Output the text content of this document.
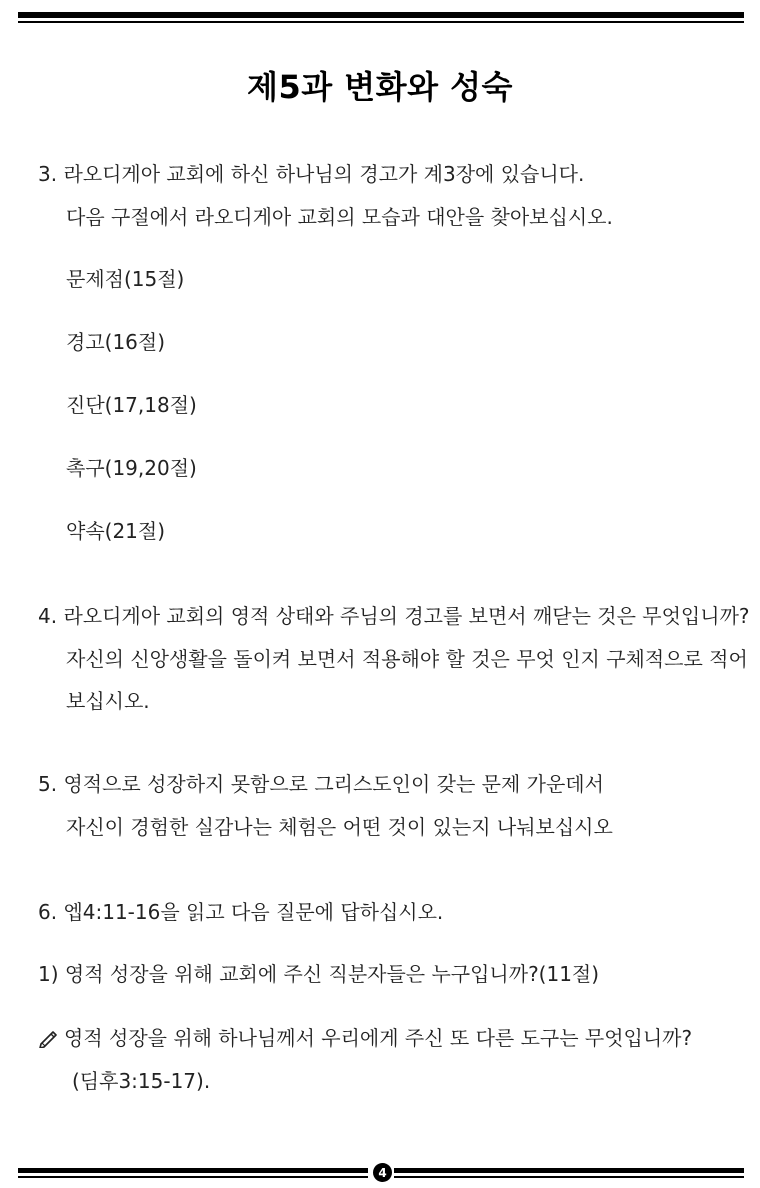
제5과 변화와 성숙
3. 라오디게아 교회에 하신 하나님의 경고가 계3장에 있습니다.
다음 구절에서 라오디게아 교회의 모습과 대안을 찾아보십시오.
문제점(15절)
경고(16절)
진단(17,18절)
촉구(19,20절)
약속(21절)
4. 라오디게아 교회의 영적 상태와 주님의 경고를 보면서 깨닫는 것은 무엇입니까?
자신의 신앙생활을 돌이켜 보면서 적용해야 할 것은 무엇 인지 구체적으로 적어
보십시오.
5. 영적으로 성장하지 못함으로 그리스도인이 갖는 문제 가운데서
자신이 경험한 실감나는 체험은 어떤 것이 있는지 나눠보십시오
6. 엡4:11-16을 읽고 다음 질문에 답하십시오.
1) 영적 성장을 위해 교회에 주신 직분자들은 누구입니까?(11절)
영적 성장을 위해 하나님께서 우리에게 주신 또 다른 도구는 무엇입니까?
(딤후3:15-17).
4
